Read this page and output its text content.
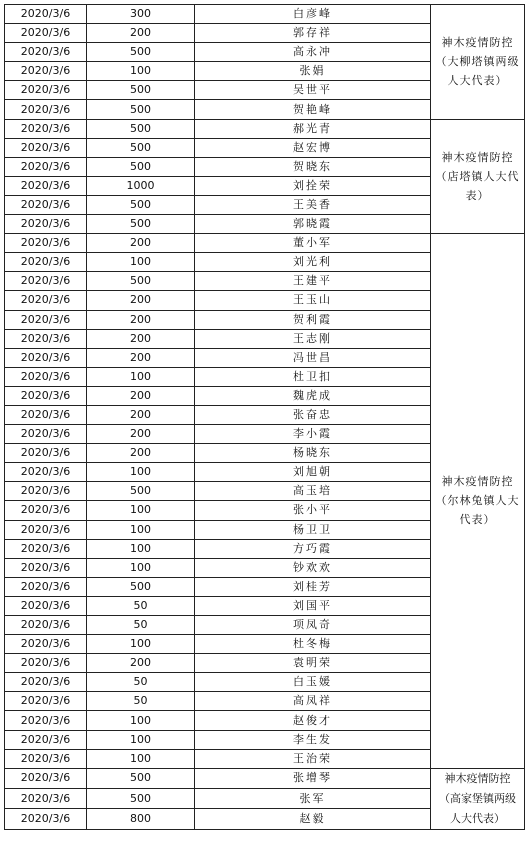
2020/3/6	300	白彦峰	神木疫情防控（大柳塔镇两级人大代表）
2020/3/6	200	郭存祥	
2020/3/6	500	高永冲	
2020/3/6	100	张娟	
2020/3/6	500	吴世平	
2020/3/6	500	贺艳峰	
2020/3/6	500	郝光青	神木疫情防控（店塔镇人大代表）
2020/3/6	500	赵宏博	
2020/3/6	500	贺晓东	
2020/3/6	1000	刘拴荣	
2020/3/6	500	王美香	
2020/3/6	500	郭晓霞	
2020/3/6	200	董小军	神木疫情防控（尔林兔镇人大代表）
2020/3/6	100	刘光利	
2020/3/6	500	王建平	
2020/3/6	200	王玉山	
2020/3/6	200	贺利霞	
2020/3/6	200	王志刚	
2020/3/6	200	冯世昌	
2020/3/6	100	杜卫扣	
2020/3/6	200	魏虎成	
2020/3/6	200	张奋忠	
2020/3/6	200	李小霞	
2020/3/6	200	杨晓东	
2020/3/6	100	刘旭朝	
2020/3/6	500	高玉培	
2020/3/6	100	张小平	
2020/3/6	100	杨卫卫	
2020/3/6	100	方巧霞	
2020/3/6	100	钞欢欢	
2020/3/6	500	刘桂芳	
2020/3/6	50	刘国平	
2020/3/6	50	项凤奇	
2020/3/6	100	杜冬梅	
2020/3/6	200	袁明荣	
2020/3/6	50	白玉媛	
2020/3/6	50	高凤祥	
2020/3/6	100	赵俊才	
2020/3/6	100	李生发	
2020/3/6	100	王治荣	
2020/3/6	500	张增琴	神木疫情防控（高家堡镇两级人大代表）
2020/3/6	500	张军	
2020/3/6	800	赵毅	
